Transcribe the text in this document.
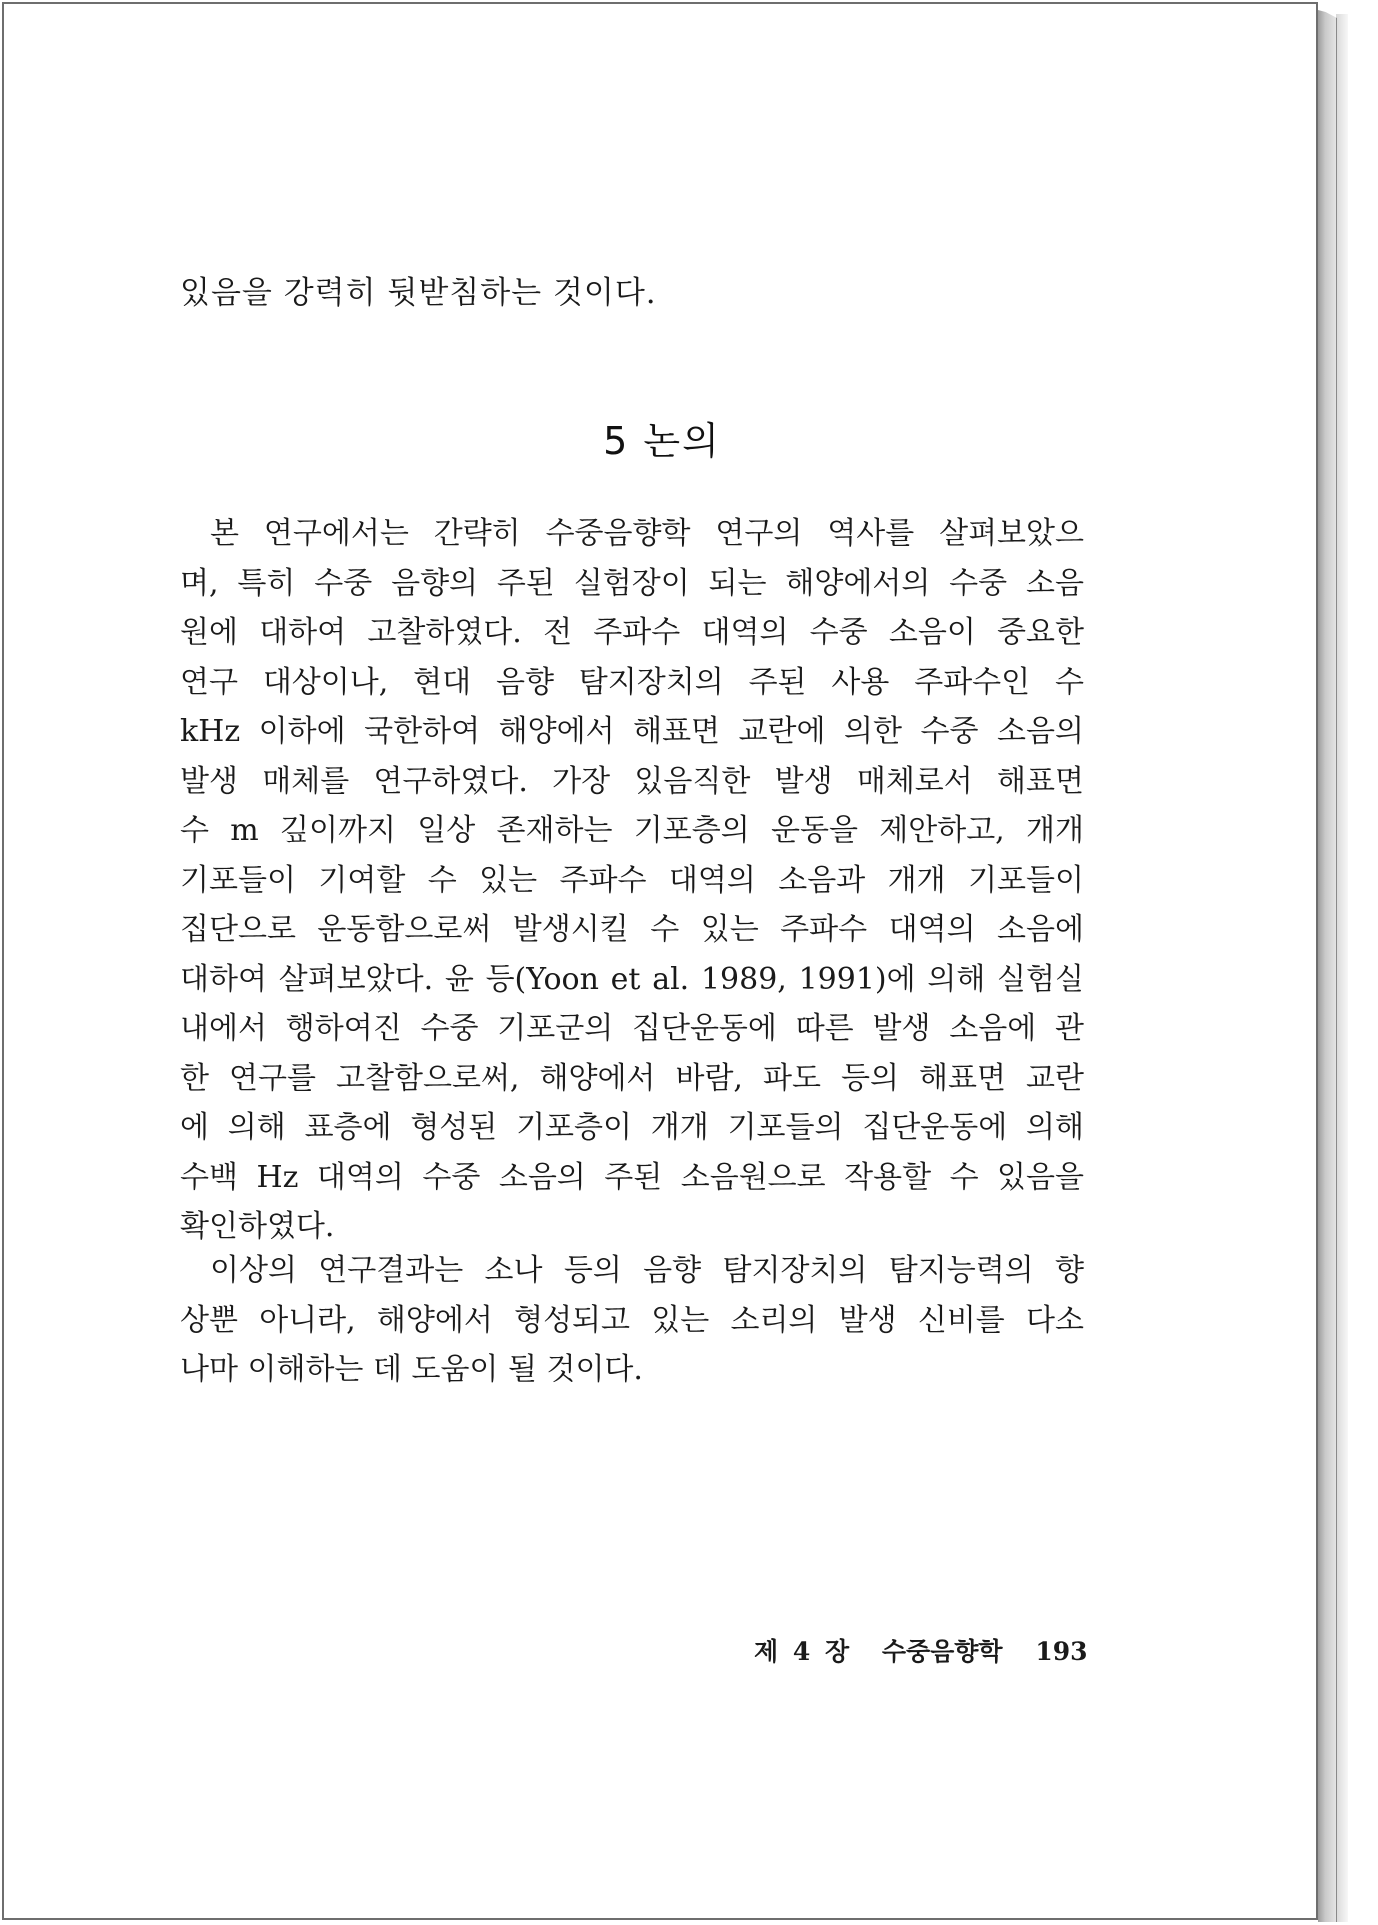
있음을 강력히 뒷받침하는 것이다.
5 논의
본 연구에서는 간략히 수중음향학 연구의 역사를 살펴보았으
며, 특히 수중 음향의 주된 실험장이 되는 해양에서의 수중 소음
원에 대하여 고찰하였다. 전 주파수 대역의 수중 소음이 중요한
연구 대상이나, 현대 음향 탐지장치의 주된 사용 주파수인 수
kHz 이하에 국한하여 해양에서 해표면 교란에 의한 수중 소음의
발생 매체를 연구하였다. 가장 있음직한 발생 매체로서 해표면
수 m 깊이까지 일상 존재하는 기포층의 운동을 제안하고, 개개
기포들이 기여할 수 있는 주파수 대역의 소음과 개개 기포들이
집단으로 운동함으로써 발생시킬 수 있는 주파수 대역의 소음에
대하여 살펴보았다. 윤 등(Yoon et al. 1989, 1991)에 의해 실험실
내에서 행하여진 수중 기포군의 집단운동에 따른 발생 소음에 관
한 연구를 고찰함으로써, 해양에서 바람, 파도 등의 해표면 교란
에 의해 표층에 형성된 기포층이 개개 기포들의 집단운동에 의해
수백 Hz 대역의 수중 소음의 주된 소음원으로 작용할 수 있음을
확인하였다.
이상의 연구결과는 소나 등의 음향 탐지장치의 탐지능력의 향
상뿐 아니라, 해양에서 형성되고 있는 소리의 발생 신비를 다소
나마 이해하는 데 도움이 될 것이다.
제 4 장 수중음향학 193
